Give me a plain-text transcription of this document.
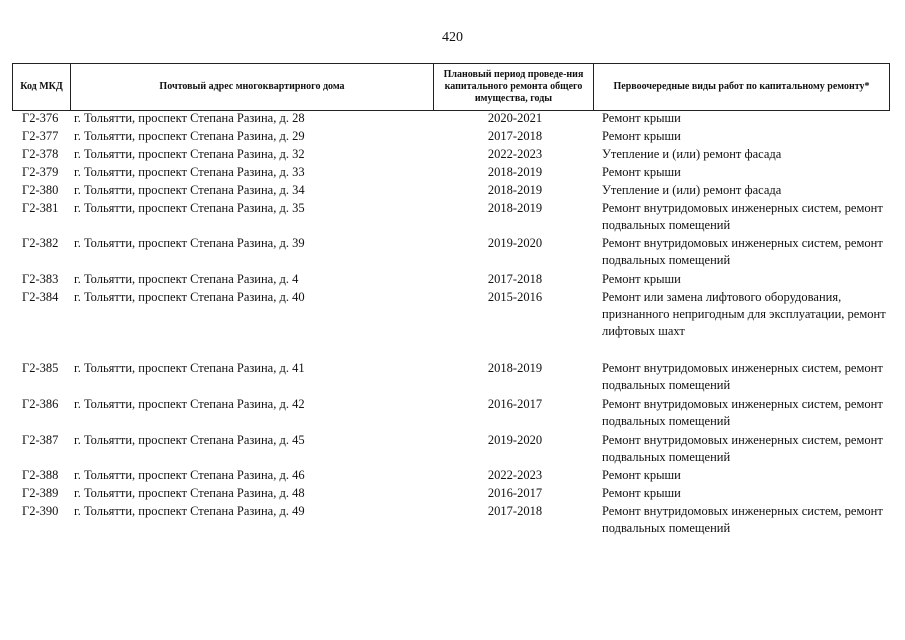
420
Код МКД	Почтовый адрес многоквартирного дома	Плановый период проведе-ния капитального ремонта общего имущества, годы	Первоочередные виды работ по капитальному ремонту*
Г2-376 г. Тольятти, проспект Степана Разина, д. 28	2020-2021	Ремонт крыши
Г2-377 г. Тольятти, проспект Степана Разина, д. 29	2017-2018	Ремонт крыши
Г2-378 г. Тольятти, проспект Степана Разина, д. 32	2022-2023	Утепление и (или) ремонт фасада
Г2-379 г. Тольятти, проспект Степана Разина, д. 33	2018-2019	Ремонт крыши
Г2-380 г. Тольятти, проспект Степана Разина, д. 34	2018-2019	Утепление и (или) ремонт фасада
Г2-381 г. Тольятти, проспект Степана Разина, д. 35	2018-2019	Ремонт внутридомовых инженерных систем, ремонт подвальных помещений
Г2-382 г. Тольятти, проспект Степана Разина, д. 39	2019-2020	Ремонт внутридомовых инженерных систем, ремонт подвальных помещений
Г2-383 г. Тольятти, проспект Степана Разина, д. 4	2017-2018	Ремонт крыши
Г2-384 г. Тольятти, проспект Степана Разина, д. 40	2015-2016	Ремонт или замена лифтового оборудования, признанного непригодным для эксплуатации, ремонт лифтовых шахт
Г2-385 г. Тольятти, проспект Степана Разина, д. 41	2018-2019	Ремонт внутридомовых инженерных систем, ремонт подвальных помещений
Г2-386 г. Тольятти, проспект Степана Разина, д. 42	2016-2017	Ремонт внутридомовых инженерных систем, ремонт подвальных помещений
Г2-387 г. Тольятти, проспект Степана Разина, д. 45	2019-2020	Ремонт внутридомовых инженерных систем, ремонт подвальных помещений
Г2-388 г. Тольятти, проспект Степана Разина, д. 46	2022-2023	Ремонт крыши
Г2-389 г. Тольятти, проспект Степана Разина, д. 48	2016-2017	Ремонт крыши
Г2-390 г. Тольятти, проспект Степана Разина, д. 49	2017-2018	Ремонт внутридомовых инженерных систем, ремонт подвальных помещений
